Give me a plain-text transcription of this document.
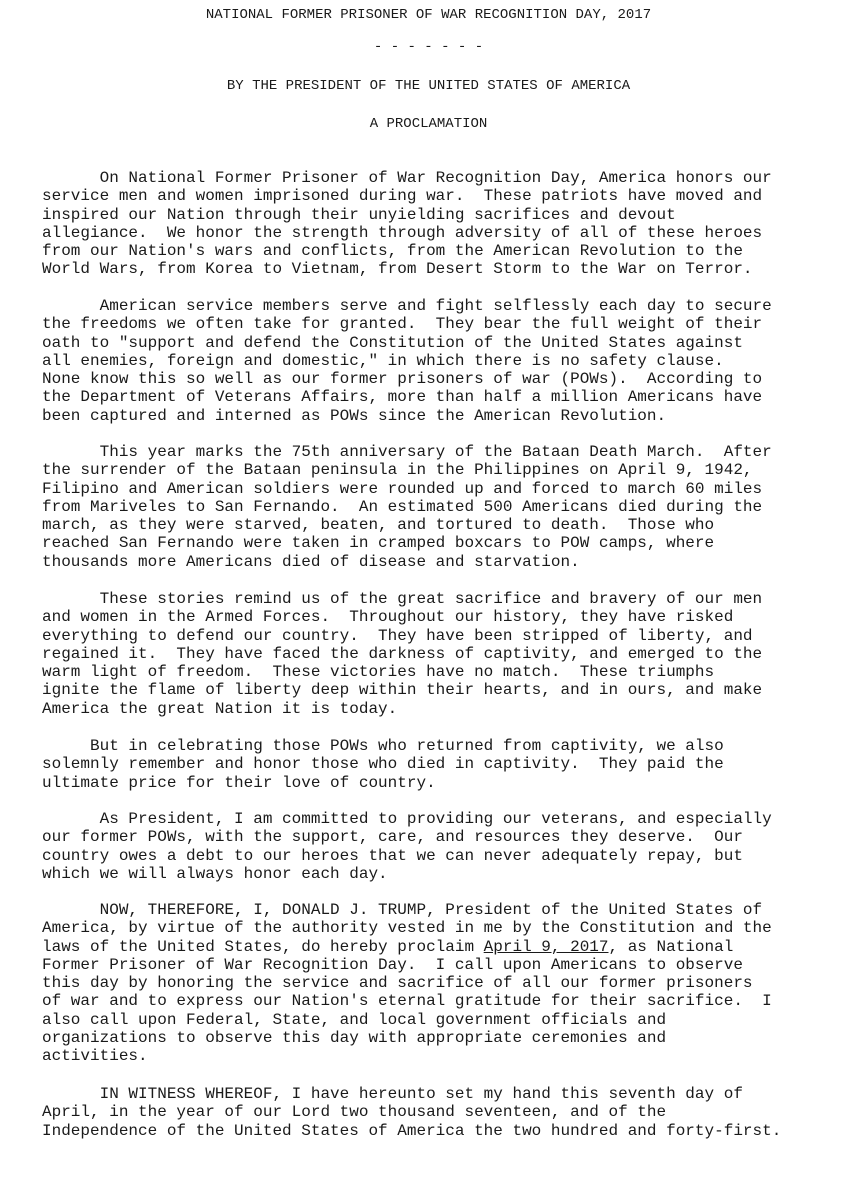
NATIONAL FORMER PRISONER OF WAR RECOGNITION DAY, 2017
- - - - - - -
BY THE PRESIDENT OF THE UNITED STATES OF AMERICA
A PROCLAMATION
On National Former Prisoner of War Recognition Day, America honors our
service men and women imprisoned during war.  These patriots have moved and
inspired our Nation through their unyielding sacrifices and devout
allegiance.  We honor the strength through adversity of all of these heroes
from our Nation's wars and conflicts, from the American Revolution to the
World Wars, from Korea to Vietnam, from Desert Storm to the War on Terror.
American service members serve and fight selflessly each day to secure
the freedoms we often take for granted.  They bear the full weight of their
oath to "support and defend the Constitution of the United States against
all enemies, foreign and domestic," in which there is no safety clause.
None know this so well as our former prisoners of war (POWs).  According to
the Department of Veterans Affairs, more than half a million Americans have
been captured and interned as POWs since the American Revolution.
This year marks the 75th anniversary of the Bataan Death March.  After
the surrender of the Bataan peninsula in the Philippines on April 9, 1942,
Filipino and American soldiers were rounded up and forced to march 60 miles
from Mariveles to San Fernando.  An estimated 500 Americans died during the
march, as they were starved, beaten, and tortured to death.  Those who
reached San Fernando were taken in cramped boxcars to POW camps, where
thousands more Americans died of disease and starvation.
These stories remind us of the great sacrifice and bravery of our men
and women in the Armed Forces.  Throughout our history, they have risked
everything to defend our country.  They have been stripped of liberty, and
regained it.  They have faced the darkness of captivity, and emerged to the
warm light of freedom.  These victories have no match.  These triumphs
ignite the flame of liberty deep within their hearts, and in ours, and make
America the great Nation it is today.
But in celebrating those POWs who returned from captivity, we also
solemnly remember and honor those who died in captivity.  They paid the
ultimate price for their love of country.
As President, I am committed to providing our veterans, and especially
our former POWs, with the support, care, and resources they deserve.  Our
country owes a debt to our heroes that we can never adequately repay, but
which we will always honor each day.
NOW, THEREFORE, I, DONALD J. TRUMP, President of the United States of
America, by virtue of the authority vested in me by the Constitution and the
laws of the United States, do hereby proclaim April 9, 2017, as National
Former Prisoner of War Recognition Day.  I call upon Americans to observe
this day by honoring the service and sacrifice of all our former prisoners
of war and to express our Nation's eternal gratitude for their sacrifice.  I
also call upon Federal, State, and local government officials and
organizations to observe this day with appropriate ceremonies and
activities.
IN WITNESS WHEREOF, I have hereunto set my hand this seventh day of
April, in the year of our Lord two thousand seventeen, and of the
Independence of the United States of America the two hundred and forty-first.
